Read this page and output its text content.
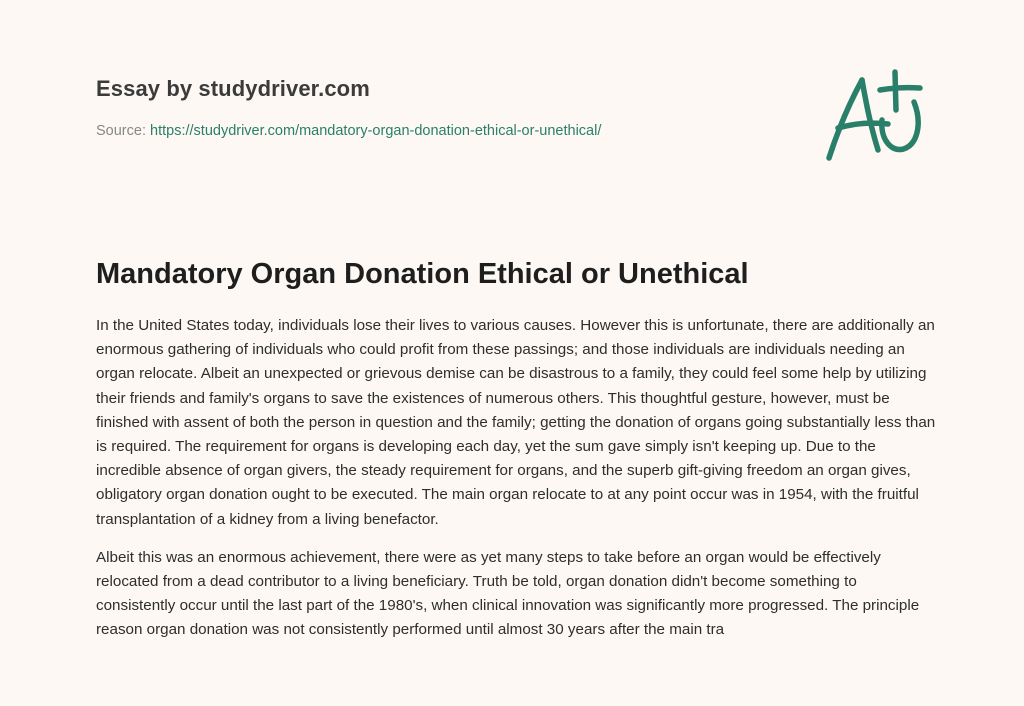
Essay by studydriver.com
Source: https://studydriver.com/mandatory-organ-donation-ethical-or-unethical/
Mandatory Organ Donation Ethical or Unethical

In the United States today, individuals lose their lives to various causes. However this is unfortunate, there are additionally an enormous gathering of individuals who could profit from these passings; and those individuals are individuals needing an organ relocate. Albeit an unexpected or grievous demise can be disastrous to a family, they could feel some help by utilizing their friends and family's organs to save the existences of numerous others. This thoughtful gesture, however, must be finished with assent of both the person in question and the family; getting the donation of organs going substantially less than is required. The requirement for organs is developing each day, yet the sum gave simply isn't keeping up. Due to the incredible absence of organ givers, the steady requirement for organs, and the superb gift-giving freedom an organ gives, obligatory organ donation ought to be executed. The main organ relocate to at any point occur was in 1954, with the fruitful transplantation of a kidney from a living benefactor.

Albeit this was an enormous achievement, there were as yet many steps to take before an organ would be effectively relocated from a dead contributor to a living beneficiary. Truth be told, organ donation didn't become something to consistently occur until the last part of the 1980's, when clinical innovation was significantly more progressed. The principle reason organ donation was not consistently performed until almost 30 years after the main tra
